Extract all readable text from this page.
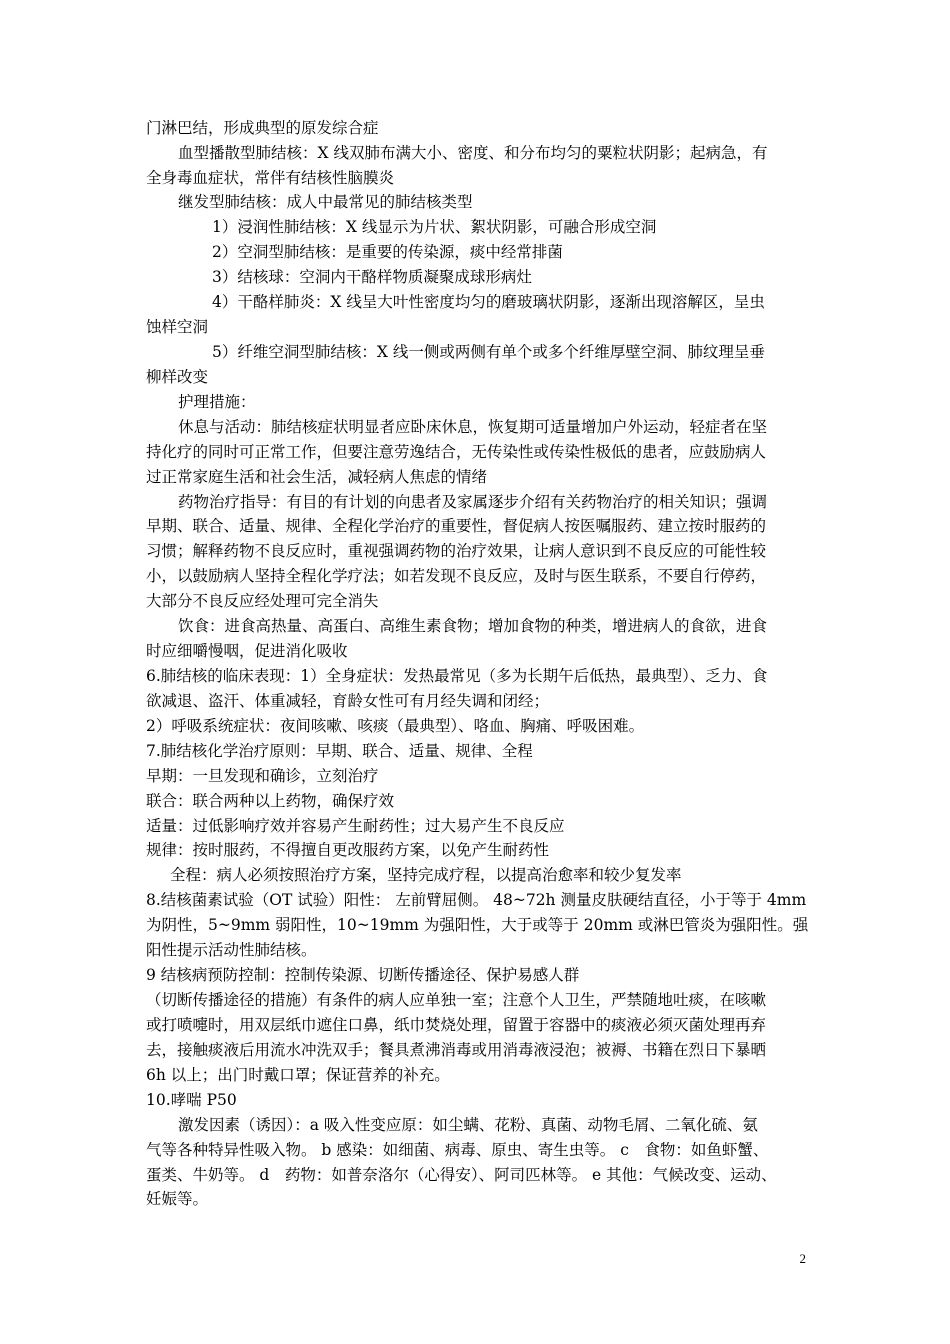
门淋巴结，形成典型的原发综合症
血型播散型肺结核：X 线双肺布满大小、密度、和分布均匀的粟粒状阴影；起病急，有
全身毒血症状，常伴有结核性脑膜炎
继发型肺结核：成人中最常见的肺结核类型
1）浸润性肺结核：X 线显示为片状、絮状阴影，可融合形成空洞
2）空洞型肺结核：是重要的传染源，痰中经常排菌
3）结核球：空洞内干酪样物质凝聚成球形病灶
4）干酪样肺炎：X 线呈大叶性密度均匀的磨玻璃状阴影，逐渐出现溶解区，呈虫
蚀样空洞
5）纤维空洞型肺结核：X 线一侧或两侧有单个或多个纤维厚壁空洞、肺纹理呈垂
柳样改变
护理措施：
休息与活动：肺结核症状明显者应卧床休息，恢复期可适量增加户外运动，轻症者在坚
持化疗的同时可正常工作，但要注意劳逸结合，无传染性或传染性极低的患者，应鼓励病人
过正常家庭生活和社会生活，减轻病人焦虑的情绪
药物治疗指导：有目的有计划的向患者及家属逐步介绍有关药物治疗的相关知识；强调
早期、联合、适量、规律、全程化学治疗的重要性，督促病人按医嘱服药、建立按时服药的
习惯；解释药物不良反应时，重视强调药物的治疗效果，让病人意识到不良反应的可能性较
小，以鼓励病人坚持全程化学疗法；如若发现不良反应，及时与医生联系，不要自行停药，
大部分不良反应经处理可完全消失
饮食：进食高热量、高蛋白、高维生素食物；增加食物的种类，增进病人的食欲，进食
时应细嚼慢咽，促进消化吸收
6.肺结核的临床表现：1）全身症状：发热最常见（多为长期午后低热，最典型）、乏力、食
欲减退、盗汗、体重减轻，育龄女性可有月经失调和闭经；
2）呼吸系统症状：夜间咳嗽、咳痰（最典型）、咯血、胸痛、呼吸困难。
7.肺结核化学治疗原则：早期、联合、适量、规律、全程
早期：一旦发现和确诊，立刻治疗
联合：联合两种以上药物，确保疗效
适量：过低影响疗效并容易产生耐药性；过大易产生不良反应
规律：按时服药，不得擅自更改服药方案，以免产生耐药性
全程：病人必须按照治疗方案，坚持完成疗程，以提高治愈率和较少复发率
8.结核菌素试验（OT 试验）阳性： 左前臂屈侧。 48~72h 测量皮肤硬结直径，小于等于 4mm
为阴性，5~9mm 弱阳性，10~19mm 为强阳性，大于或等于 20mm 或淋巴管炎为强阳性。强
阳性提示活动性肺结核。
9 结核病预防控制：控制传染源、切断传播途径、保护易感人群
（切断传播途径的措施）有条件的病人应单独一室；注意个人卫生，严禁随地吐痰，在咳嗽
或打喷嚏时，用双层纸巾遮住口鼻，纸巾焚烧处理，留置于容器中的痰液必须灭菌处理再弃
去，接触痰液后用流水冲洗双手；餐具煮沸消毒或用消毒液浸泡；被褥、书籍在烈日下暴晒
6h 以上；出门时戴口罩；保证营养的补充。
10.哮喘 P50
激发因素（诱因）：a 吸入性变应原：如尘螨、花粉、真菌、动物毛屑、二氧化硫、氨
气等各种特异性吸入物。 b 感染：如细菌、病毒、原虫、寄生虫等。 c　食物：如鱼虾蟹、
蛋类、牛奶等。 d　药物：如普奈洛尔（心得安）、阿司匹林等。 e 其他：气候改变、运动、
妊娠等。
2
